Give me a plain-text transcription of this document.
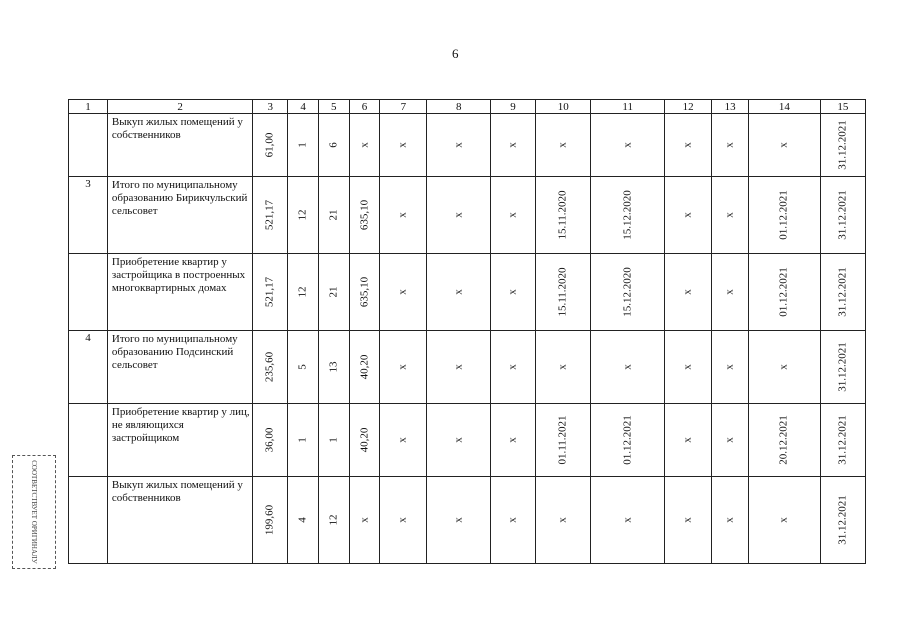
6
1	2	3	4	5	6	7	8	9	10	11	12	13	14	15
	Выкуп жилых помещений у собственников	61,00	1	6	x	x	x	x	x	x	x	x	x	31.12.2021

3	Итого по муниципальному образованию Бирикчульский сельсовет	521,17	12	21	635,10	x	x	x	15.11.2020	15.12.2020	x	x	01.12.2021	31.12.2021

	Приобретение квартир у застройщика в построенных многоквартирных домах	521,17	12	21	635,10	x	x	x	15.11.2020	15.12.2020	x	x	01.12.2021	31.12.2021

4	Итого по муниципальному образованию Подсинский сельсовет	235,60	5	13	40,20	x	x	x	x	x	x	x	x	31.12.2021

	Приобретение квартир у лиц, не являющихся застройщиком	36,00	1	1	40,20	x	x	x	01.11.2021	01.12.2021	x	x	20.12.2021	31.12.2021

	Выкуп жилых помещений у собственников	199,60	4	12	x	x	x	x	x	x	x	x	x	31.12.2021
СООТВЕТСТВУЕТ ОРИГИНАЛУ
